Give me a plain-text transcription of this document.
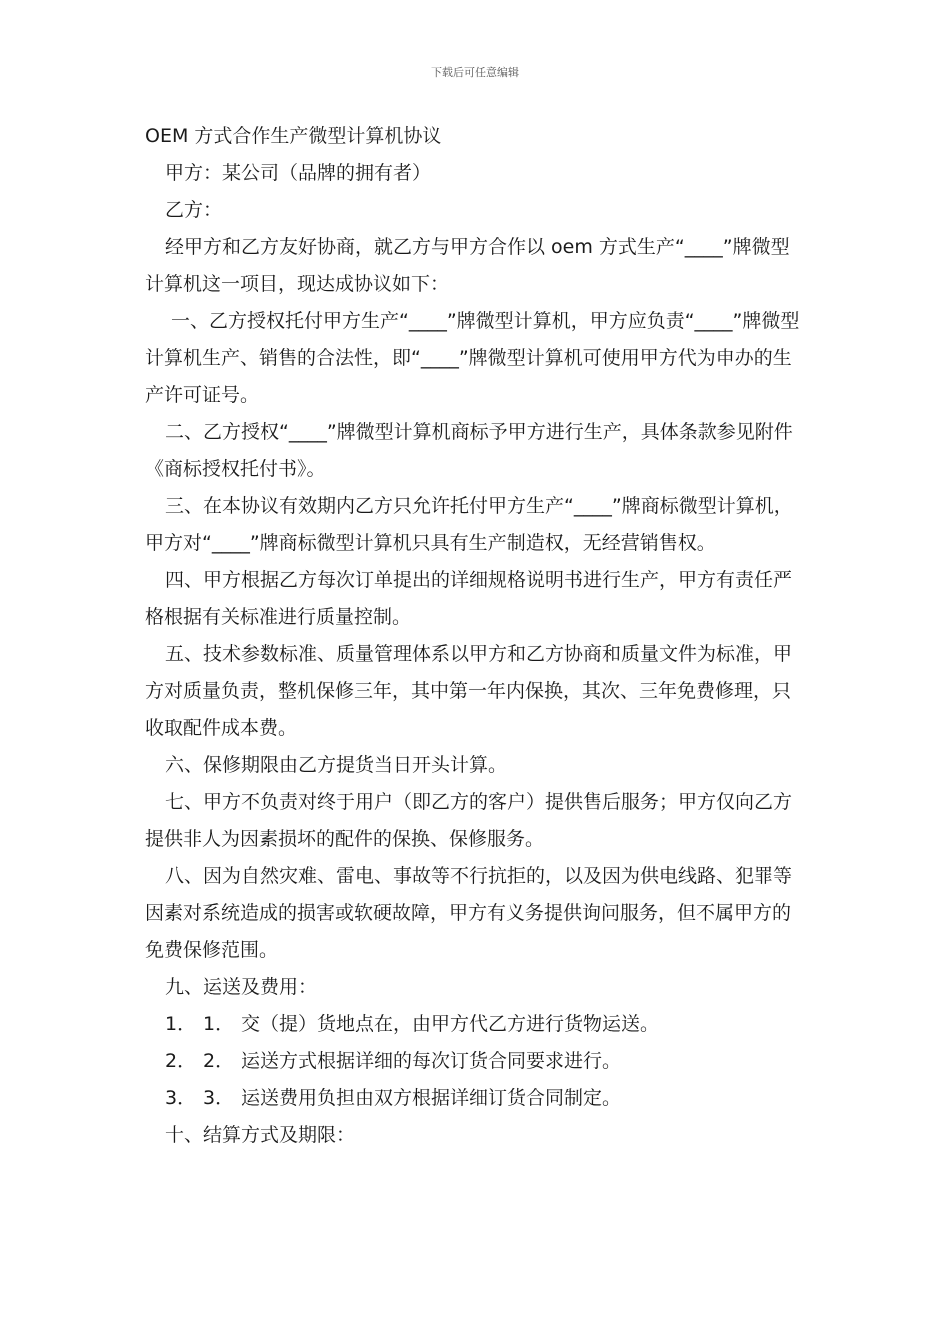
下载后可任意编辑
OEM 方式合作生产微型计算机协议

甲方：某公司（品牌的拥有者）

乙方：

经甲方和乙方友好协商，就乙方与甲方合作以 oem 方式生产“____”牌微型计算机这一项目，现达成协议如下：

一、乙方授权托付甲方生产“____”牌微型计算机，甲方应负责“____”牌微型计算机生产、销售的合法性，即“____”牌微型计算机可使用甲方代为申办的生产许可证号。

二、乙方授权“____”牌微型计算机商标予甲方进行生产，具体条款参见附件《商标授权托付书》。

三、在本协议有效期内乙方只允许托付甲方生产“____”牌商标微型计算机，甲方对“____”牌商标微型计算机只具有生产制造权，无经营销售权。

四、甲方根据乙方每次订单提出的详细规格说明书进行生产，甲方有责任严格根据有关标准进行质量控制。

五、技术参数标准、质量管理体系以甲方和乙方协商和质量文件为标准，甲方对质量负责，整机保修三年，其中第一年内保换，其次、三年免费修理，只收取配件成本费。

六、保修期限由乙方提货当日开头计算。

七、甲方不负责对终于用户（即乙方的客户）提供售后服务；甲方仅向乙方提供非人为因素损坏的配件的保换、保修服务。

八、因为自然灾难、雷电、事故等不行抗拒的，以及因为供电线路、犯罪等因素对系统造成的损害或软硬故障，甲方有义务提供询问服务，但不属甲方的免费保修范围。

九、运送及费用：

1． 1． 交（提）货地点在，由甲方代乙方进行货物运送。

2． 2． 运送方式根据详细的每次订货合同要求进行。

3． 3． 运送费用负担由双方根据详细订货合同制定。

十、结算方式及期限：
